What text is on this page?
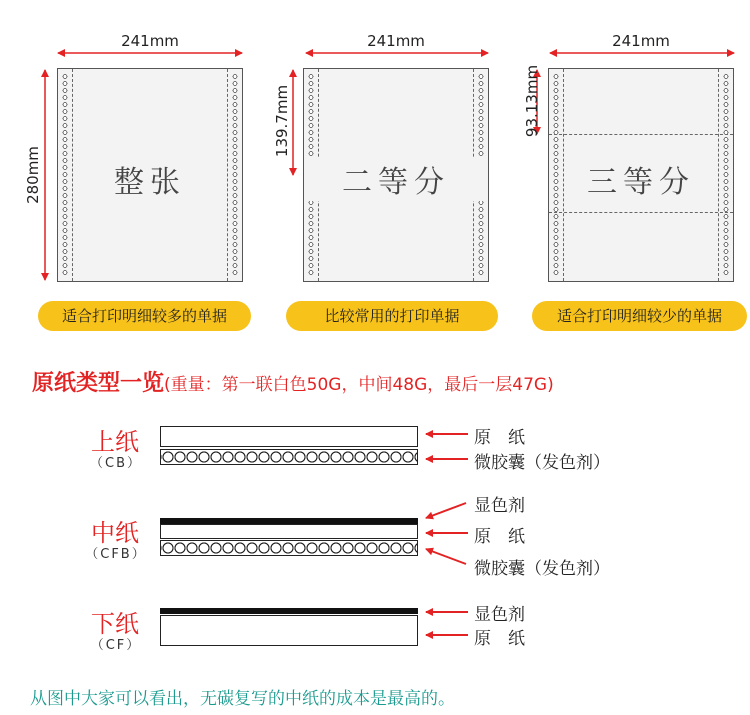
241mm
280mm	整张
适合打印明细较多的单据
241mm
139.7mm
二等分
比较常用的打印单据
241mm
93.13mm
三等分
适合打印明细较少的单据
原纸类型一览(重量：第一联白色50G，中间48G，最后一层47G)
上纸
（CB）
原　纸
微胶囊（发色剂）
中纸
（CFB）
显色剂
原　纸
微胶囊（发色剂）
下纸
（CF）
显色剂
原　纸
从图中大家可以看出，无碳复写的中纸的成本是最高的。
